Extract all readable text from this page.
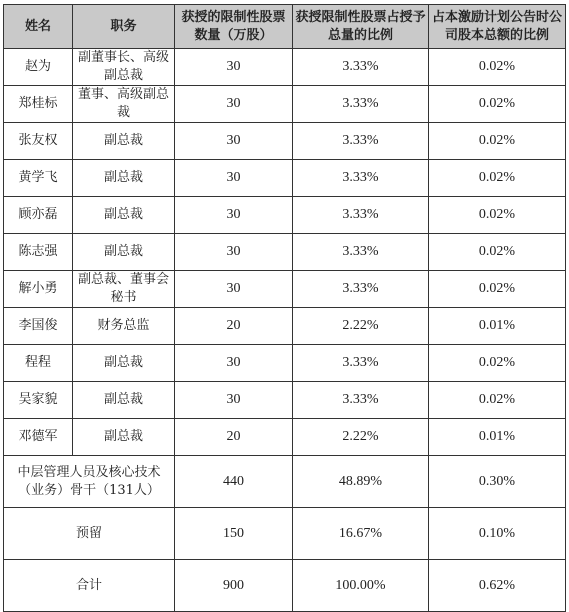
姓名	职务	获授的限制性股票数量（万股）	获授限制性股票占授予总量的比例	占本激励计划公告时公司股本总额的比例
赵为	副董事长、高级副总裁	30	3.33%	0.02%
郑桂标	董事、高级副总裁	30	3.33%	0.02%
张友权	副总裁	30	3.33%	0.02%
黄学飞	副总裁	30	3.33%	0.02%
顾亦磊	副总裁	30	3.33%	0.02%
陈志强	副总裁	30	3.33%	0.02%
解小勇	副总裁、董事会秘书	30	3.33%	0.02%
李国俊	财务总监	20	2.22%	0.01%
程程	副总裁	30	3.33%	0.02%
吴家貌	副总裁	30	3.33%	0.02%
邓德军	副总裁	20	2.22%	0.01%
中层管理人员及核心技术（业务）骨干（131人）		440	48.89%	0.30%
预留		150	16.67%	0.10%
合计		900	100.00%	0.62%
